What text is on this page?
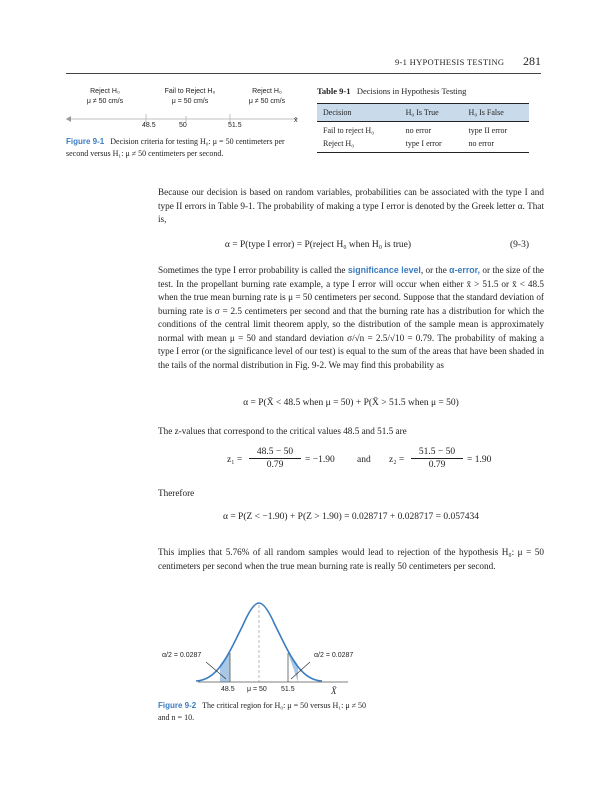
9-1 HYPOTHESIS TESTING 281
Reject H₀
μ ≠ 50 cm/s
Fail to Reject H₀
μ = 50 cm/s
Reject H₀
μ ≠ 50 cm/s
48.5	50	51.5
x̄
Figure 9-1 Decision criteria for testing H₀: μ = 50 centimeters per second versus H₁: μ ≠ 50 centimeters per second.
Table 9-1 Decisions in Hypothesis Testing
Decision	H₀ Is True	H₀ Is False
Fail to reject H₀	no error	type II error
Reject H₀	type I error	no error
Because our decision is based on random variables, probabilities can be associated with the type I and type II errors in Table 9-1. The probability of making a type I error is denoted by the Greek letter α. That is,
α = P(type I error) = P(reject H₀ when H₀ is true)	(9-3)
Sometimes the type I error probability is called the significance level, or the α-error, or the size of the test. In the propellant burning rate example, a type I error will occur when either x̄ > 51.5 or x̄ < 48.5 when the true mean burning rate is μ = 50 centimeters per second. Suppose that the standard deviation of burning rate is σ = 2.5 centimeters per second and that the burning rate has a distribution for which the conditions of the central limit theorem apply, so the distribution of the sample mean is approximately normal with mean μ = 50 and standard deviation σ/√n = 2.5/√10 = 0.79. The probability of making a type I error (or the significance level of our test) is equal to the sum of the areas that have been shaded in the tails of the normal distribution in Fig. 9-2. We may find this probability as
α = P(X̄ < 48.5 when μ = 50) + P(X̄ > 51.5 when μ = 50)
The z-values that correspond to the critical values 48.5 and 51.5 are
$z_1 = \frac{48.5 - 50}{0.79} = -1.90$ and $z_2 = \frac{51.5 - 50}{0.79} = 1.90$
Therefore
α = P(Z < −1.90) + P(Z > 1.90) = 0.028717 + 0.028717 = 0.057434
This implies that 5.76% of all random samples would lead to rejection of the hypothesis H₀: μ = 50 centimeters per second when the true mean burning rate is really 50 centimeters per second.
α/2 = 0.0287	α/2 = 0.0287
48.5 μ = 50 51.5	X̄
Figure 9-2 The critical region for H₀: μ = 50 versus H₁: μ ≠ 50 and n = 10.
